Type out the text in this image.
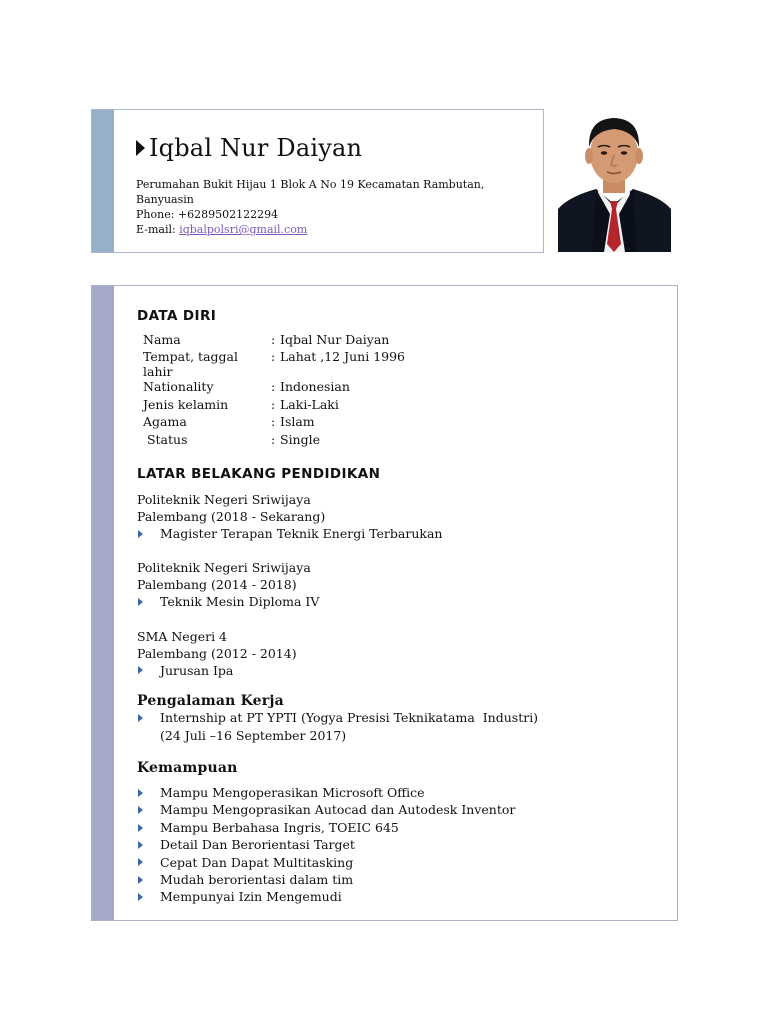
Iqbal Nur Daiyan
Perumahan Bukit Hijau 1 Blok A No 19 Kecamatan Rambutan,
Banyuasin
Phone: +6289502122294
E-mail: iqbalpolsri@gmail.com

DATA DIRI

Nama	:	Iqbal Nur Daiyan
Tempat, taggal lahir	:	Lahat ,12 Juni 1996
Nationality	:	Indonesian
Jenis kelamin	:	Laki-Laki
Agama	:	Islam
Status	:	Single

LATAR BELAKANG PENDIDIKAN

Politeknik Negeri Sriwijaya

Palembang (2018 - Sekarang)

Magister Terapan Teknik Energi Terbarukan

Politeknik Negeri Sriwijaya

Palembang (2014 - 2018)

Teknik Mesin Diploma IV

SMA Negeri 4

Palembang (2012 - 2014)

Jurusan Ipa

Pengalaman Kerja

Internship at PT YPTI (Yogya Presisi Teknikatama  Industri)
(24 Juli –16 September 2017)

Kemampuan

Mampu Mengoperasikan Microsoft Office
Mampu Mengoprasikan Autocad dan Autodesk Inventor
Mampu Berbahasa Ingris, TOEIC 645
Detail Dan Berorientasi Target
Cepat Dan Dapat Multitasking
Mudah berorientasi dalam tim
Mempunyai Izin Mengemudi
